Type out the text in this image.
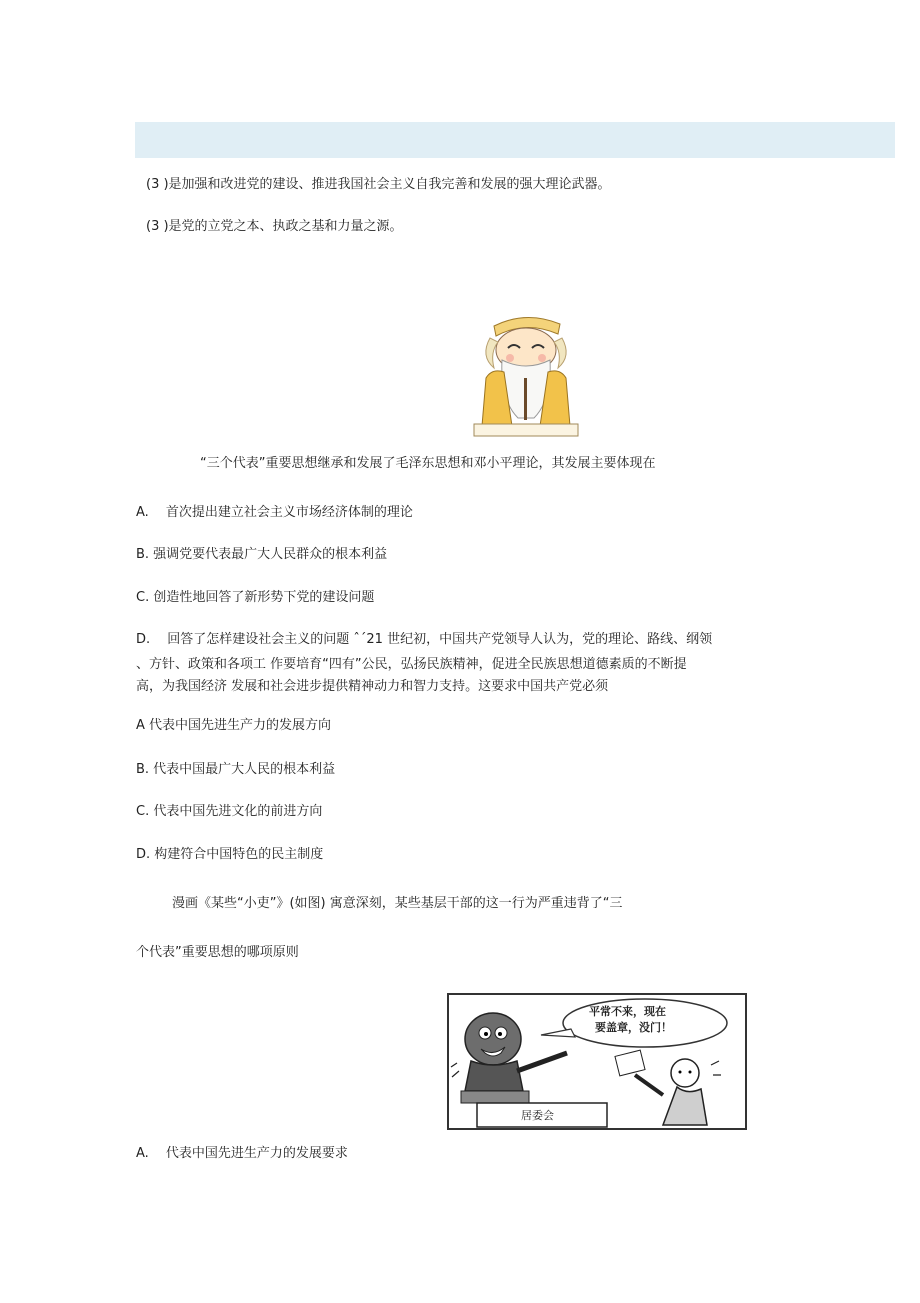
(3 )是加强和改进党的建设、推进我国社会主义自我完善和发展的强大理论武器。
(3 )是党的立党之本、执政之基和力量之源。
“三个代表”重要思想继承和发展了毛泽东思想和邓小平理论，其发展主要体现在
A.　 首次提出建立社会主义市场经济体制的理论
B. 强调党要代表最广大人民群众的根本利益
C. 创造性地回答了新形势下党的建设问题
D.　 回答了怎样建设社会主义的问题 ˆ´21 世纪初，中国共产党领导人认为，党的理论、路线、纲领
、方针、政策和各项工 作要培育“四有”公民，弘扬民族精神，促进全民族思想道德素质的不断提
高，为我国经济 发展和社会进步提供精神动力和智力支持。这要求中国共产党必须
A 代表中国先进生产力的发展方向
B. 代表中国最广大人民的根本利益
C. 代表中国先进文化的前进方向
D. 构建符合中国特色的民主制度
漫画《某些“小吏”》(如图) 寓意深刻，某些基层干部的这一行为严重违背了“三
个代表”重要思想的哪项原则
平常不来，现在
要盖章，没门！
居委会
A.　 代表中国先进生产力的发展要求
